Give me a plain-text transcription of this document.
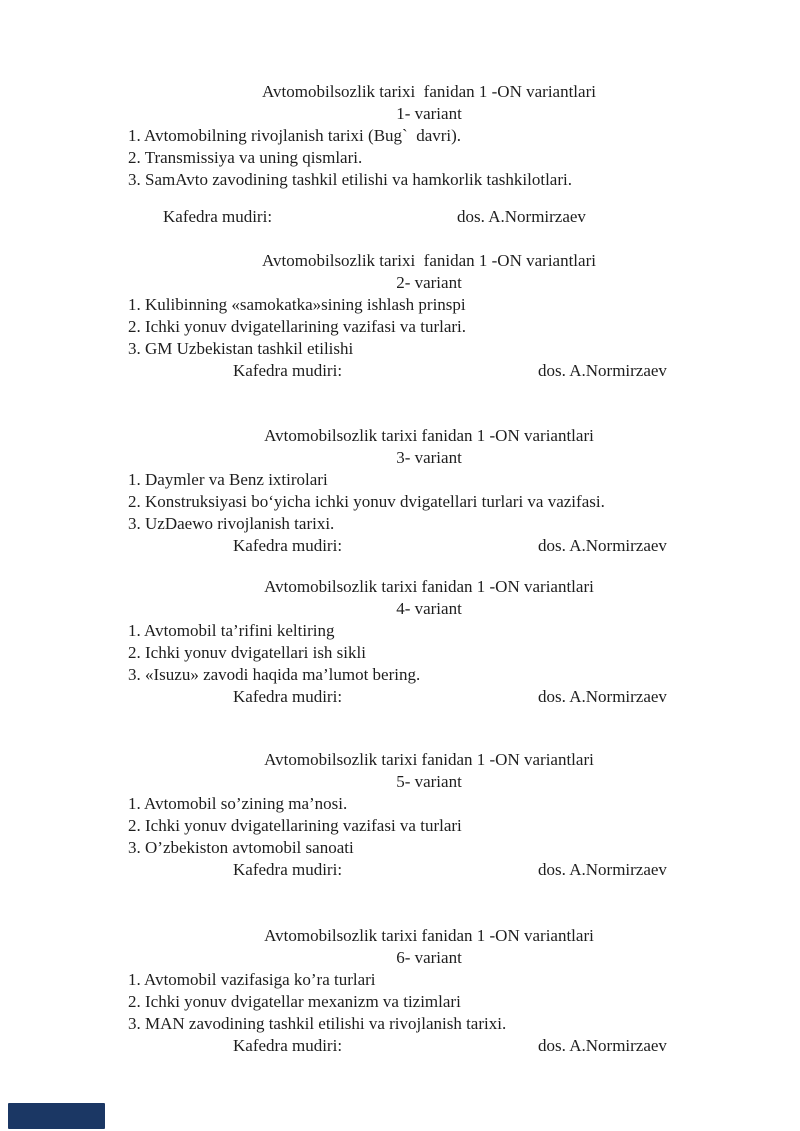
Avtomobilsozlik tarixi  fanidan 1 -ON variantlari
1- variant
1. Avtomobilning rivojlanish tarixi (Bug`  davri).
2. Transmissiya va uning qismlari.
3. SamAvto zavodining tashkil etilishi va hamkorlik tashkilotlari.
Kafedra mudiri:	dos. A.Normirzaev
Avtomobilsozlik tarixi  fanidan 1 -ON variantlari
2- variant
1. Kulibinning «samokatka»sining ishlash prinspi
2. Ichki yonuv dvigatellarining vazifasi va turlari.
3. GM Uzbekistan tashkil etilishi
Kafedra mudiri:	dos. A.Normirzaev
Avtomobilsozlik tarixi fanidan 1 -ON variantlari
3- variant
1. Daymler va Benz ixtirolari
2. Konstruksiyasi bo‘yicha ichki yonuv dvigatellari turlari va vazifasi.
3. UzDaewo rivojlanish tarixi.
Kafedra mudiri:	dos. A.Normirzaev
Avtomobilsozlik tarixi fanidan 1 -ON variantlari
4- variant
1. Avtomobil ta’rifini keltiring
2. Ichki yonuv dvigatellari ish sikli
3. «Isuzu» zavodi haqida ma’lumot bering.
Kafedra mudiri:	dos. A.Normirzaev
Avtomobilsozlik tarixi fanidan 1 -ON variantlari
5- variant
1. Avtomobil so’zining ma’nosi.
2. Ichki yonuv dvigatellarining vazifasi va turlari
3. O’zbekiston avtomobil sanoati
Kafedra mudiri:	dos. A.Normirzaev
Avtomobilsozlik tarixi fanidan 1 -ON variantlari
6- variant
1. Avtomobil vazifasiga ko’ra turlari
2. Ichki yonuv dvigatellar mexanizm va tizimlari
3. MAN zavodining tashkil etilishi va rivojlanish tarixi.
Kafedra mudiri:	dos. A.Normirzaev
